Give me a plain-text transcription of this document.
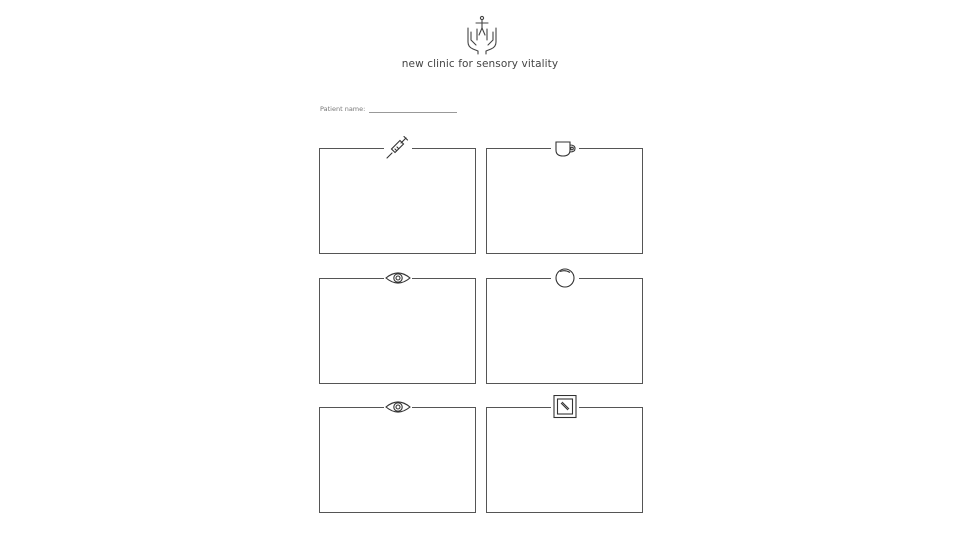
new clinic for sensory vitality
Patient name:
